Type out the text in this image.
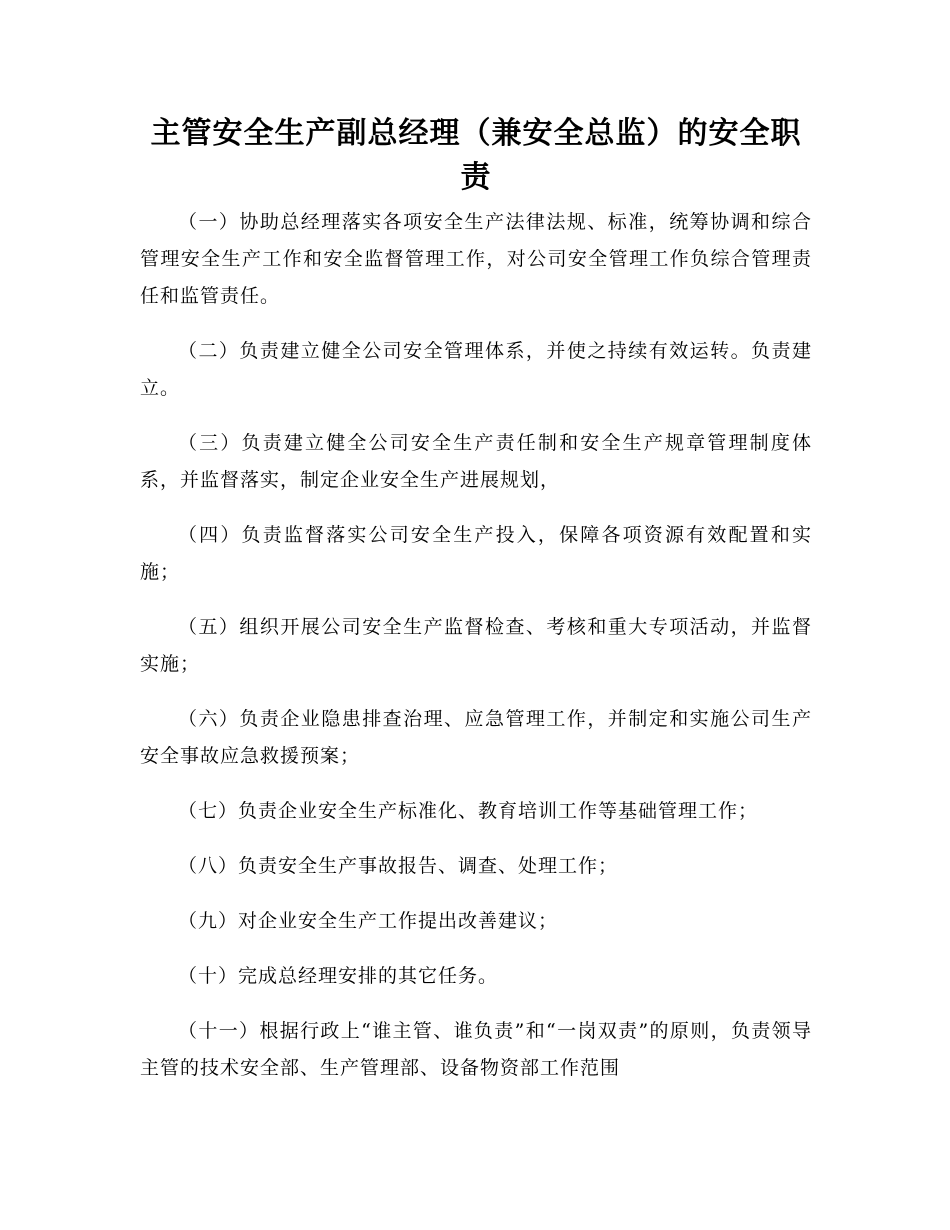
主管安全生产副总经理（兼安全总监）的安全职责

（一）协助总经理落实各项安全生产法律法规、标准，统筹协调和综合管理安全生产工作和安全监督管理工作，对公司安全管理工作负综合管理责任和监管责任。

（二）负责建立健全公司安全管理体系，并使之持续有效运转。负责建立。

（三）负责建立健全公司安全生产责任制和安全生产规章管理制度体系，并监督落实，制定企业安全生产进展规划，

（四）负责监督落实公司安全生产投入，保障各项资源有效配置和实施；

（五）组织开展公司安全生产监督检查、考核和重大专项活动，并监督实施；

（六）负责企业隐患排查治理、应急管理工作，并制定和实施公司生产安全事故应急救援预案；

（七）负责企业安全生产标准化、教育培训工作等基础管理工作；

（八）负责安全生产事故报告、调查、处理工作；

（九）对企业安全生产工作提出改善建议；

（十）完成总经理安排的其它任务。

（十一）根据行政上“谁主管、谁负责”和“一岗双责”的原则，负责领导主管的技术安全部、生产管理部、设备物资部工作范围
